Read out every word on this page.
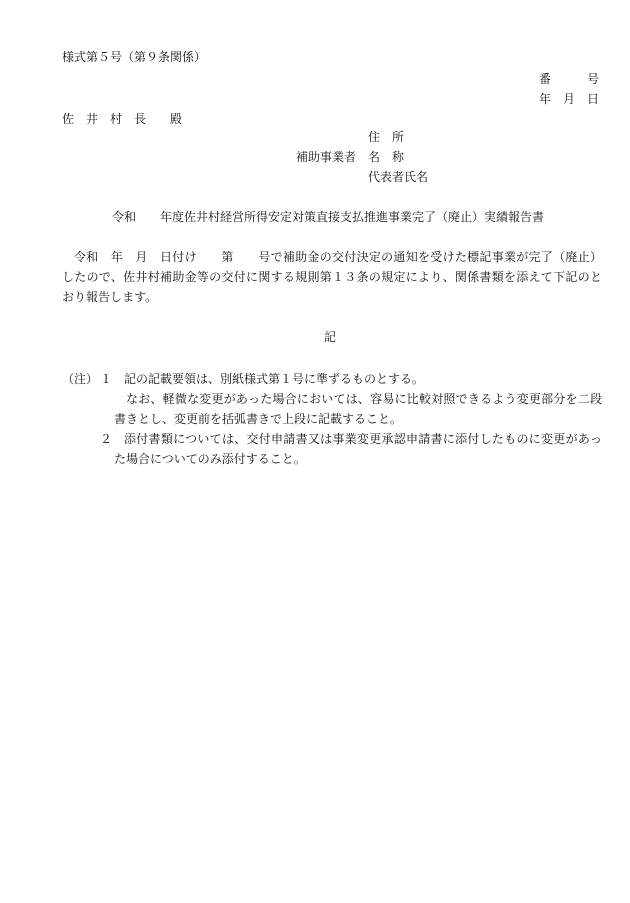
様式第５号（第９条関係）
番　　　号
年　月　日
佐　井　村　長　　殿
住　所
補助事業者 名　称
代表者氏名
令和　　年度佐井村経営所得安定対策直接支払推進事業完了（廃止）実績報告書
令和　年　月　日付け　　第　　号で補助金の交付決定の通知を受けた標記事業が完了（廃止）
したので、佐井村補助金等の交付に関する規則第１３条の規定により、関係書類を添えて下記のと
おり報告します。
記
（注） １ 記の記載要領は、別紙様式第１号に準ずるものとする。
なお、軽微な変更があった場合においては、容易に比較対照できるよう変更部分を二段
書きとし、変更前を括弧書きで上段に記載すること。
２ 添付書類については、交付申請書又は事業変更承認申請書に添付したものに変更があっ
た場合についてのみ添付すること。
